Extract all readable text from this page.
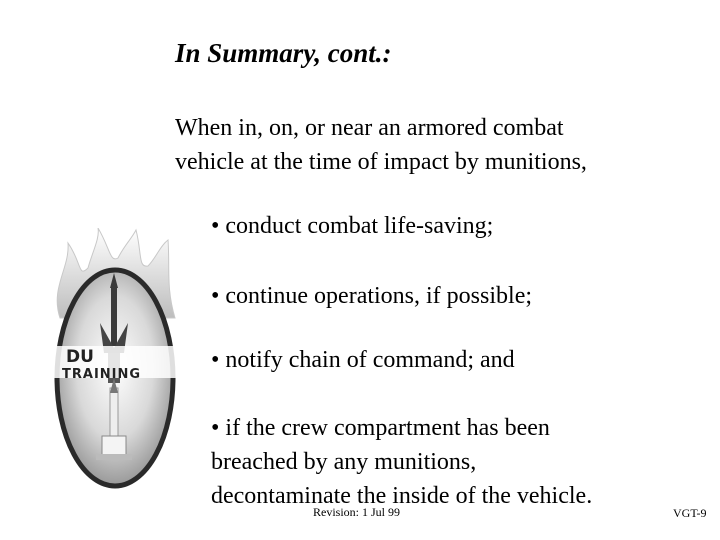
DU
TRAINING
In Summary, cont.:
When in, on, or near an armored combat
vehicle at the time of impact by munitions,
• conduct combat life-saving;
• continue operations, if possible;
• notify chain of command; and
• if the crew compartment has been
breached by any munitions,
decontaminate the inside of the vehicle.
Revision: 1 Jul 99	VGT-9
